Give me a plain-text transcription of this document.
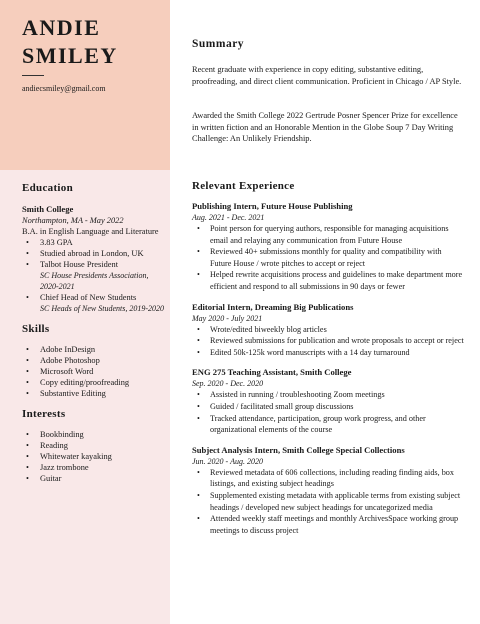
ANDIE SMILEY
andiecsmiley@gmail.com
Summary

Recent graduate with experience in copy editing, substantive editing, proofreading, and direct client communication. Proficient in Chicago / AP Style.

Awarded the Smith College 2022 Gertrude Posner Spencer Prize for excellence in written fiction and an Honorable Mention in the Globe Soup 7 Day Writing Challenge: An Unlikely Friendship.

Education

Smith College

Northampton, MA - May 2022

B.A. in English Language and Literature

• 3.83 GPA
• Studied abroad in London, UK
• Talbot House President
SC House Presidents Association, 2020-2021
• Chief Head of New Students
SC Heads of New Students, 2019-2020
Skills
• Adobe InDesign
• Adobe Photoshop
• Microsoft Word
• Copy editing/proofreading
• Substantive Editing
Interests
• Bookbinding
• Reading
• Whitewater kayaking
• Jazz trombone
• Guitar
Relevant Experience

Publishing Intern, Future House Publishing

Aug. 2021 - Dec. 2021

• Point person for querying authors, responsible for managing acquisitions email and relaying any communication from Future House
• Reviewed 40+ submissions monthly for quality and compatibility with Future House / wrote pitches to accept or reject
• Helped rewrite acquisitions process and guidelines to make department more efficient and respond to all submissions in 90 days or fewer

Editorial Intern, Dreaming Big Publications

May 2020 - July 2021

• Wrote/edited biweekly blog articles
• Reviewed submissions for publication and wrote proposals to accept or reject
• Edited 50k-125k word manuscripts with a 14 day turnaround

ENG 275 Teaching Assistant, Smith College

Sep. 2020 - Dec. 2020

• Assisted in running / troubleshooting Zoom meetings
• Guided / facilitated small group discussions
• Tracked attendance, participation, group work progress, and other organizational elements of the course

Subject Analysis Intern, Smith College Special Collections

Jun. 2020 - Aug. 2020

• Reviewed metadata of 606 collections, including reading finding aids, box listings, and existing subject headings
• Supplemented existing metadata with applicable terms from existing subject headings / developed new subject headings for uncategorized media
• Attended weekly staff meetings and monthly ArchivesSpace working group meetings to discuss project
